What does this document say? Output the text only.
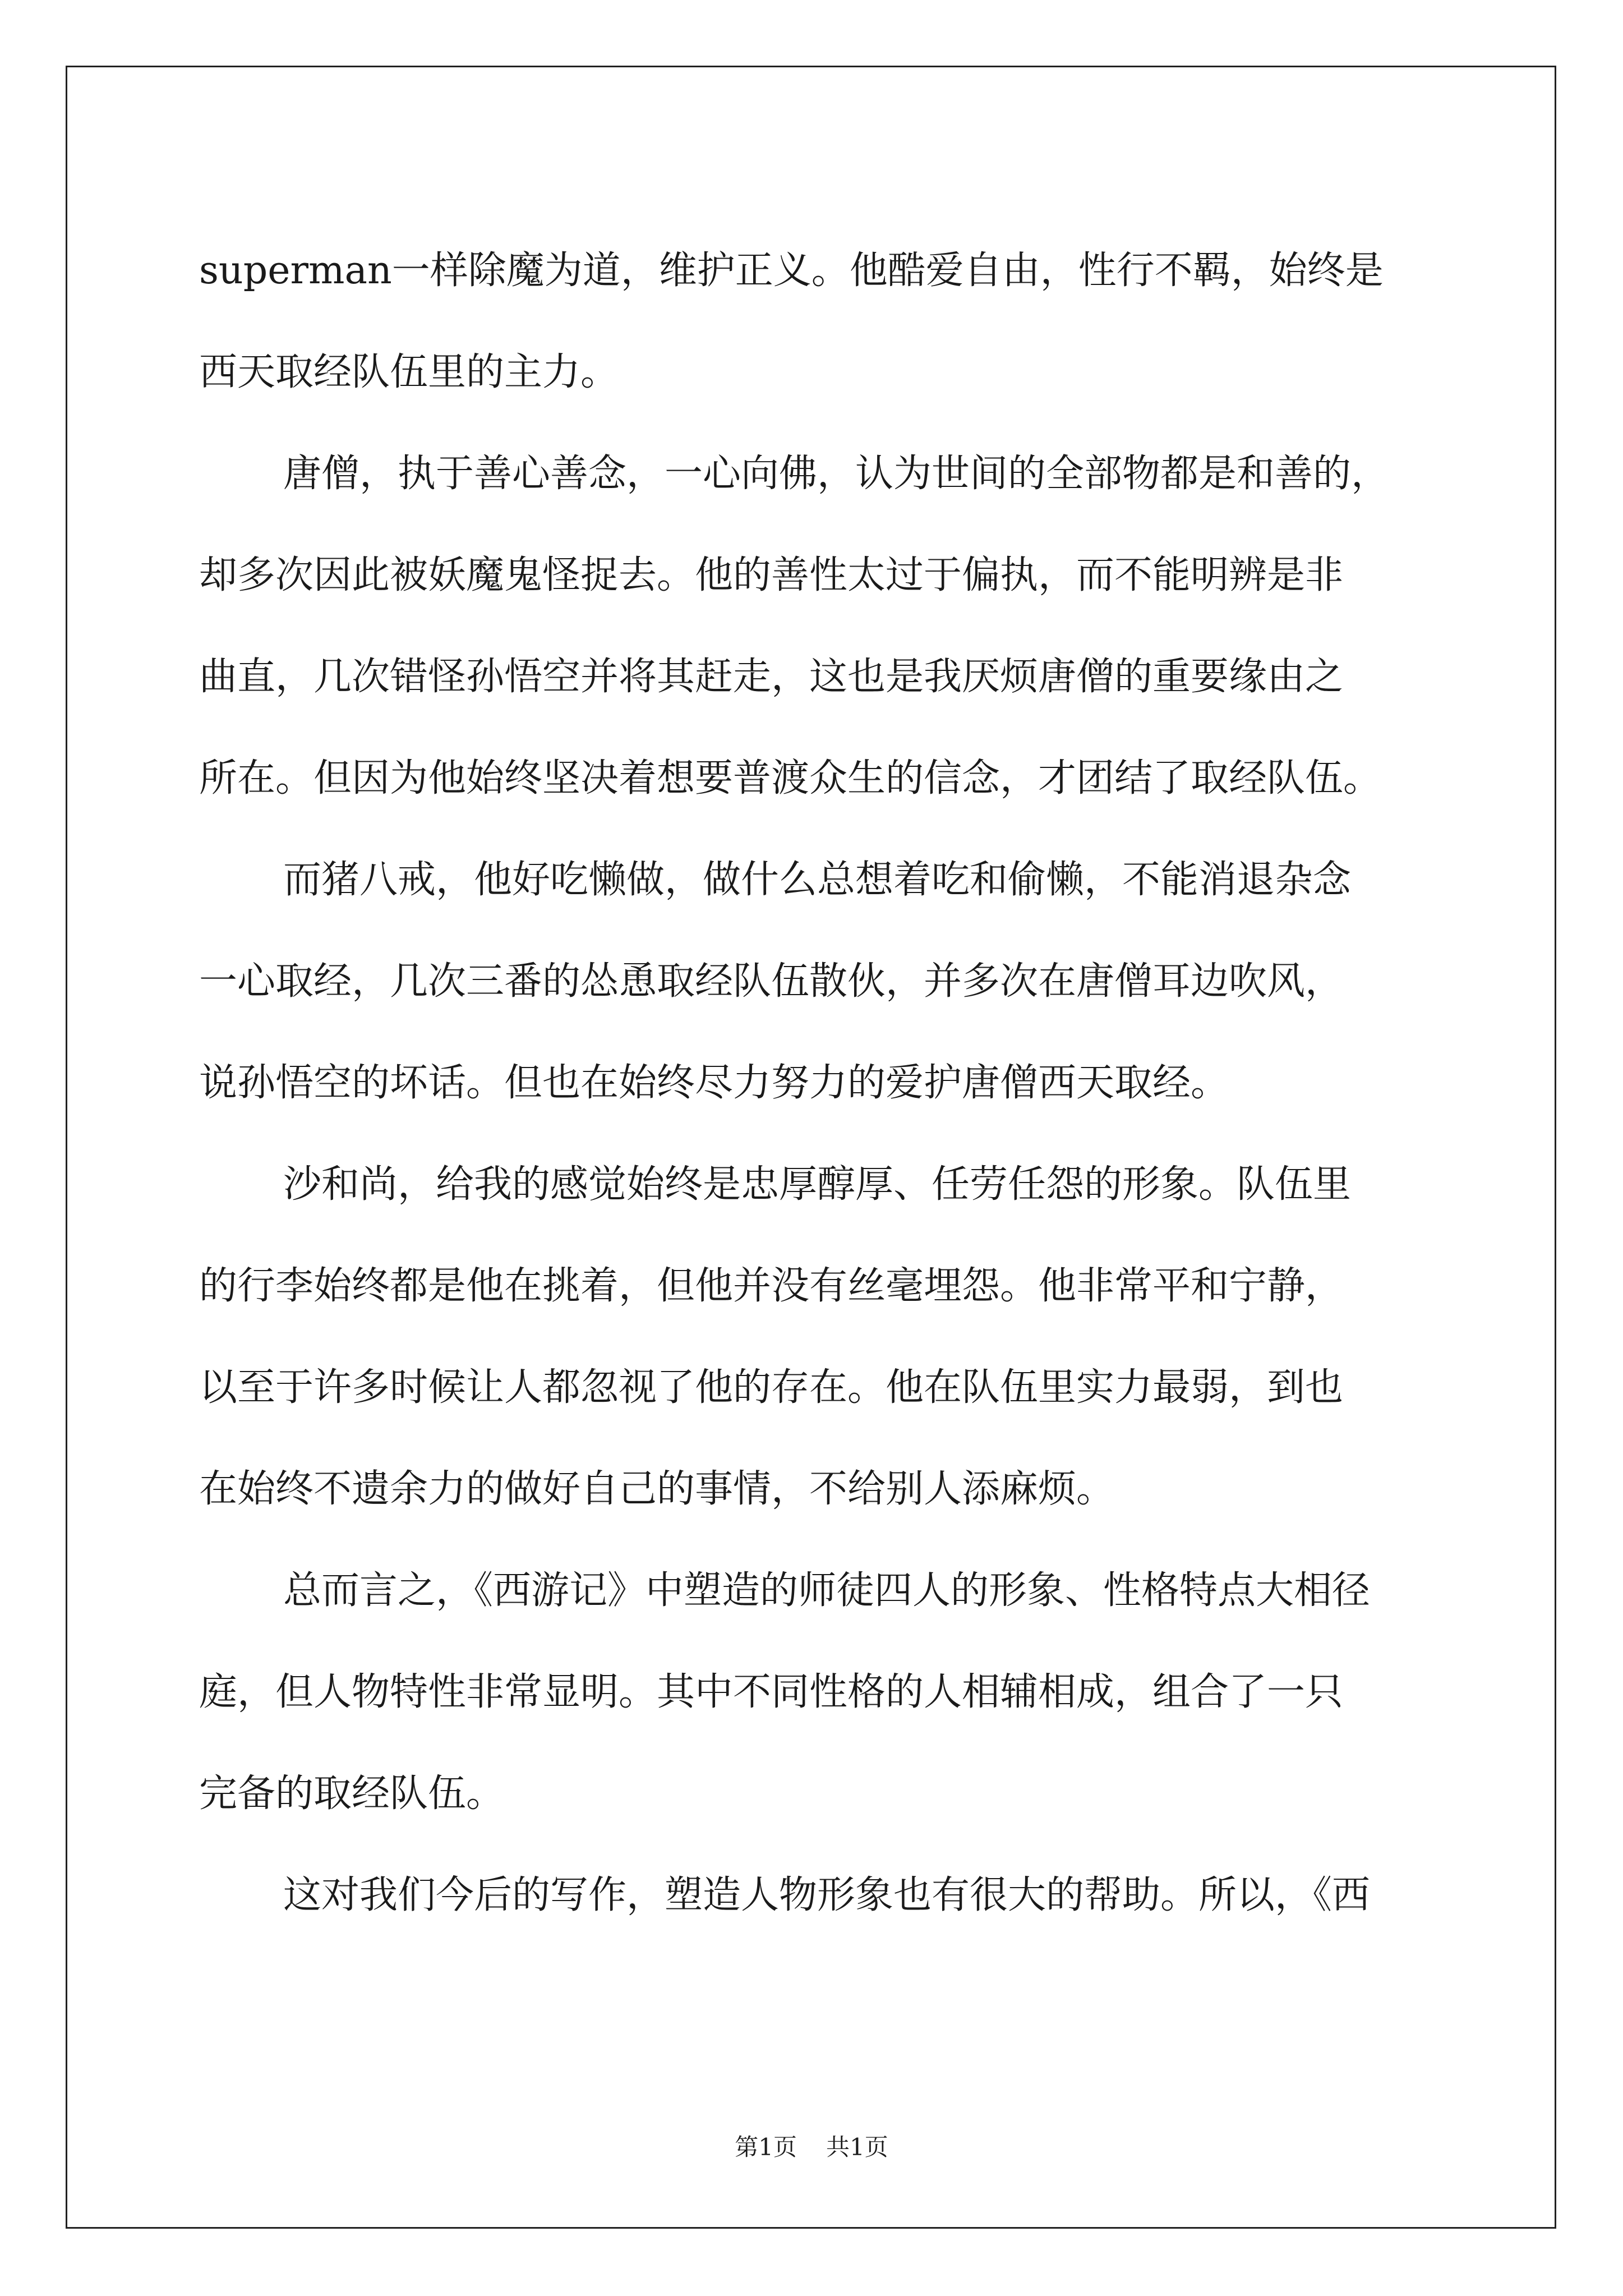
superman一样除魔为道，维护正义。他酷爱自由，性行不羁，始终是
西天取经队伍里的主力。
唐僧，执于善心善念，一心向佛，认为世间的全部物都是和善的，
却多次因此被妖魔鬼怪捉去。他的善性太过于偏执，而不能明辨是非
曲直，几次错怪孙悟空并将其赶走，这也是我厌烦唐僧的重要缘由之
所在。但因为他始终坚决着想要普渡众生的信念，才团结了取经队伍。
而猪八戒，他好吃懒做，做什么总想着吃和偷懒，不能消退杂念
一心取经，几次三番的怂恿取经队伍散伙，并多次在唐僧耳边吹风，
说孙悟空的坏话。但也在始终尽力努力的爱护唐僧西天取经。
沙和尚，给我的感觉始终是忠厚醇厚、任劳任怨的形象。队伍里
的行李始终都是他在挑着，但他并没有丝毫埋怨。他非常平和宁静，
以至于许多时候让人都忽视了他的存在。他在队伍里实力最弱，到也
在始终不遗余力的做好自己的事情，不给别人添麻烦。
总而言之，《西游记》中塑造的师徒四人的形象、性格特点大相径
庭，但人物特性非常显明。其中不同性格的人相辅相成，组合了一只
完备的取经队伍。
这对我们今后的写作，塑造人物形象也有很大的帮助。所以，《西
第1页 共1页
